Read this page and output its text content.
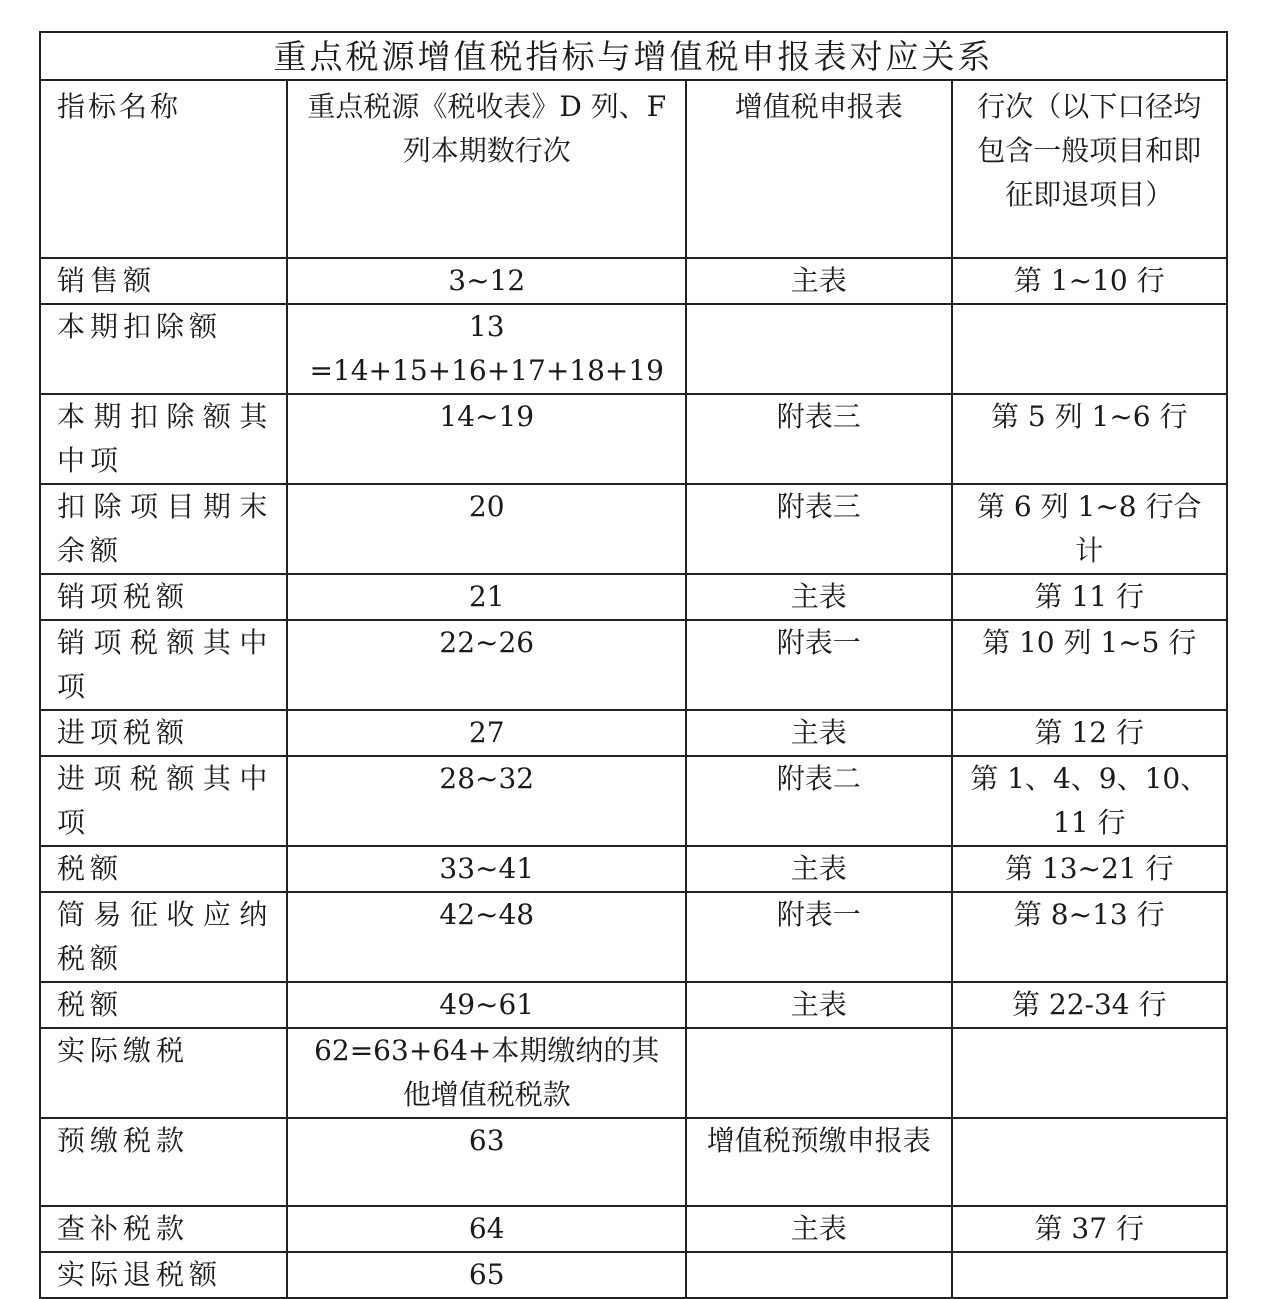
重点税源增值税指标与增值税申报表对应关系			
指标名称	重点税源《税收表》D 列、F 列本期数行次	增值税申报表	行次（以下口径均包含一般项目和即征即退项目）
销售额	3~12	主表	第 1~10 行
本期扣除额	13 =14+15+16+17+18+19		
本期扣除额其中项	14~19	附表三	第 5 列 1~6 行
扣除项目期末余额	20	附表三	第 6 列 1~8 行合计
销项税额	21	主表	第 11 行
销项税额其中项	22~26	附表一	第 10 列 1~5 行
进项税额	27	主表	第 12 行
进项税额其中项	28~32	附表二	第 1、4、9、10、11 行
税额	33~41	主表	第 13~21 行
简易征收应纳税额	42~48	附表一	第 8~13 行
税额	49~61	主表	第 22-34 行
实际缴税	62=63+64+本期缴纳的其他增值税税款		
预缴税款	63	增值税预缴申报表	
查补税款	64	主表	第 37 行
实际退税额	65		
